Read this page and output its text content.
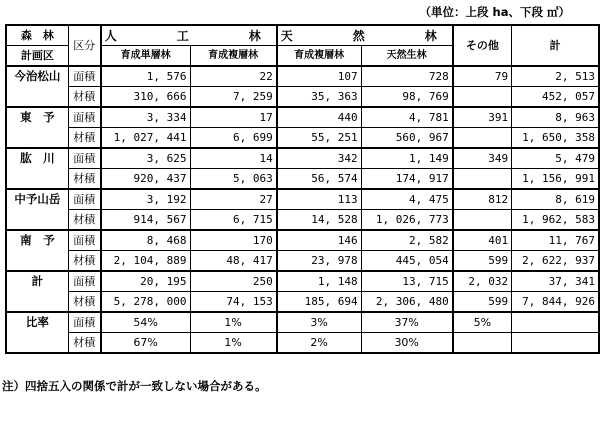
（単位：上段 ha、下段 ㎥）
森　林	区分	人　　工　　林		天　　然　　林		その他	計
計画区		育成単層林	育成複層林	育成複層林	天然生林		
今治松山	面積	1, 576	22	107	728	79	2, 513
	材積	310, 666	7, 259	35, 363	98, 769		452, 057
東　予	面積	3, 334	17	440	4, 781	391	8, 963
	材積	1, 027, 441	6, 699	55, 251	560, 967		1, 650, 358
肱　川	面積	3, 625	14	342	1, 149	349	5, 479
	材積	920, 437	5, 063	56, 574	174, 917		1, 156, 991
中予山岳	面積	3, 192	27	113	4, 475	812	8, 619
	材積	914, 567	6, 715	14, 528	1, 026, 773		1, 962, 583
南　予	面積	8, 468	170	146	2, 582	401	11, 767
	材積	2, 104, 889	48, 417	23, 978	445, 054	599	2, 622, 937
計	面積	20, 195	250	1, 148	13, 715	2, 032	37, 341
	材積	5, 278, 000	74, 153	185, 694	2, 306, 480	599	7, 844, 926
比率	面積	54%	1%	3%	37%	5%	
	材積	67%	1%	2%	30%		
注）四捨五入の関係で計が一致しない場合がある。
